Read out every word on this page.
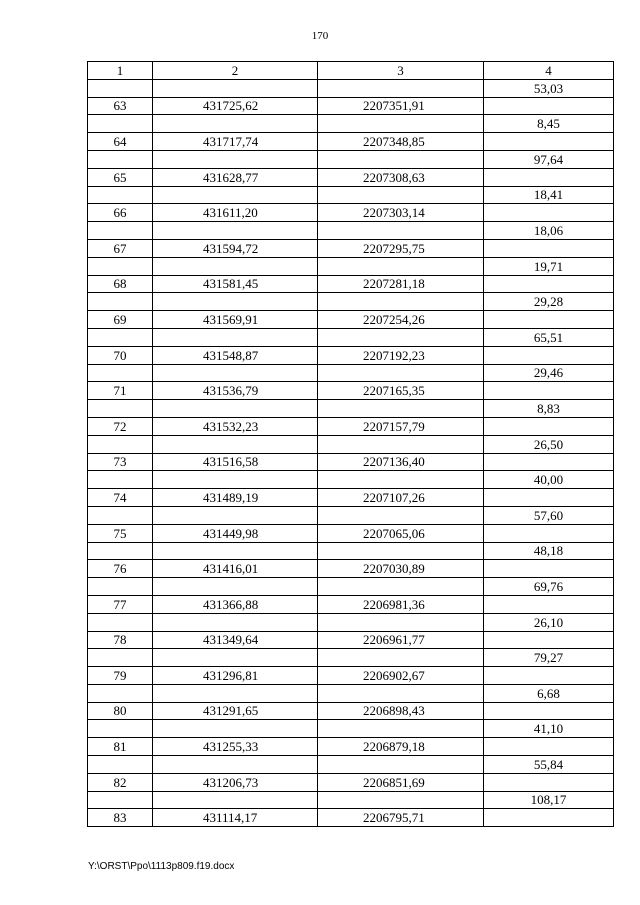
170
1	2	3	4
			53,03
63	431725,62	2207351,91	
			8,45
64	431717,74	2207348,85	
			97,64
65	431628,77	2207308,63	
			18,41
66	431611,20	2207303,14	
			18,06
67	431594,72	2207295,75	
			19,71
68	431581,45	2207281,18	
			29,28
69	431569,91	2207254,26	
			65,51
70	431548,87	2207192,23	
			29,46
71	431536,79	2207165,35	
			8,83
72	431532,23	2207157,79	
			26,50
73	431516,58	2207136,40	
			40,00
74	431489,19	2207107,26	
			57,60
75	431449,98	2207065,06	
			48,18
76	431416,01	2207030,89	
			69,76
77	431366,88	2206981,36	
			26,10
78	431349,64	2206961,77	
			79,27
79	431296,81	2206902,67	
			6,68
80	431291,65	2206898,43	
			41,10
81	431255,33	2206879,18	
			55,84
82	431206,73	2206851,69	
			108,17
83	431114,17	2206795,71	
Y:\ORST\Ppo\1113p809.f19.docx
